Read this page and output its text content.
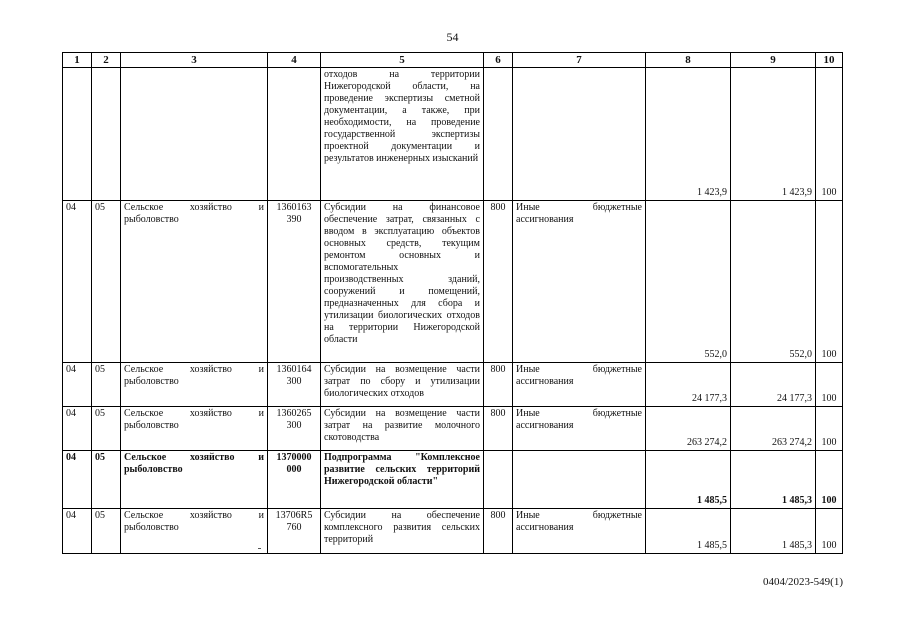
54
1	2	3	4	5	6	7	8	9	10
				отходов на территории Нижегородской области, на проведение экспертизы сметной документации, а также, при необходимости, на проведение государственной экспертизы проектной документации и результатов инженерных изысканий			1 423,9	1 423,9	100
04	05	Сельское хозяйство и рыболовство	1360163 390	Субсидии на финансовое обеспечение затрат, связанных с вводом в эксплуатацию объектов основных средств, текущим ремонтом основных и вспомогательных производственных зданий, сооружений и помещений, предназначенных для сбора и утилизации биологических отходов на территории Нижегородской области	800	Иные бюджетные ассигнования	552,0	552,0	100
04	05	Сельское хозяйство и рыболовство	1360164 300	Субсидии на возмещение части затрат по сбору и утилизации биологических отходов	800	Иные бюджетные ассигнования	24 177,3	24 177,3	100
04	05	Сельское хозяйство и рыболовство	1360265 300	Субсидии на возмещение части затрат на развитие молочного скотоводства	800	Иные бюджетные ассигнования	263 274,2	263 274,2	100
04	05	Сельское хозяйство и рыболовство	1370000 000	Подпрограмма "Комплексное развитие сельских территорий Нижегородской области"			1 485,5	1 485,3	100
04	05	Сельское хозяйство и рыболовство	13706R5 760	Субсидии на обеспечение комплексного развития сельских территорий	800	Иные бюджетные ассигнования	1 485,5	1 485,3	100
0404/2023-549(1)
